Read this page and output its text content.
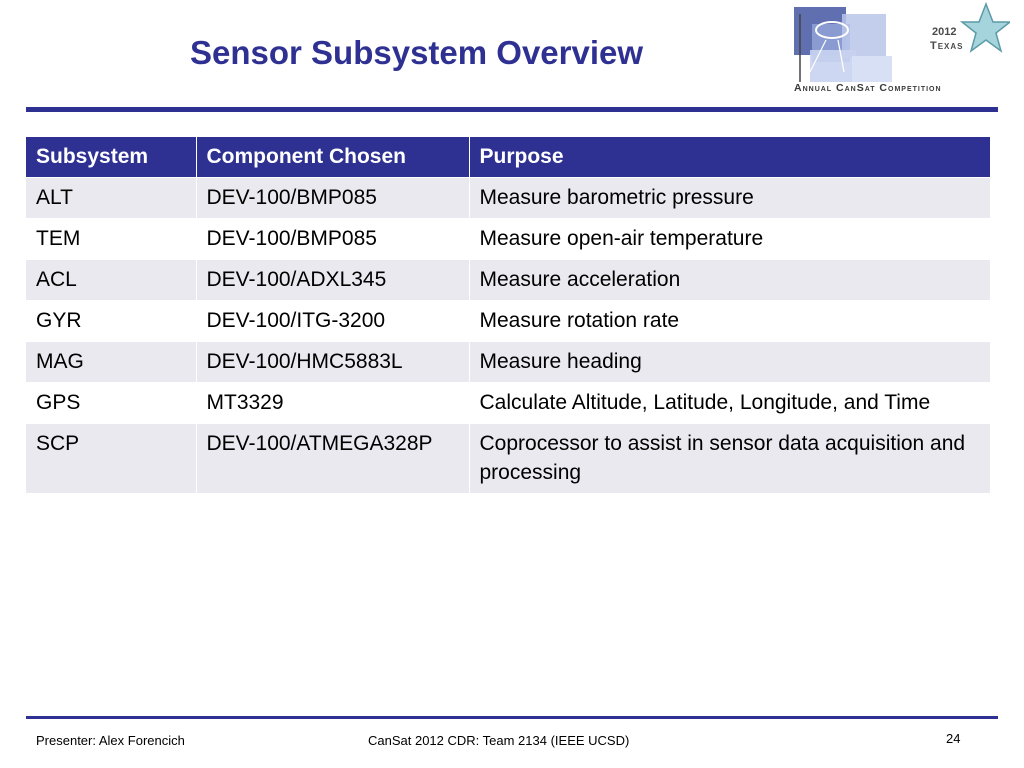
Sensor Subsystem Overview
2012
Texas
Annual CanSat Competition
Subsystem	Component Chosen	Purpose
ALT	DEV-100/BMP085	Measure barometric pressure
TEM	DEV-100/BMP085	Measure open-air temperature
ACL	DEV-100/ADXL345	Measure acceleration
GYR	DEV-100/ITG-3200	Measure rotation rate
MAG	DEV-100/HMC5883L	Measure heading
GPS	MT3329	Calculate Altitude, Latitude, Longitude, and Time
SCP	DEV-100/ATMEGA328P	Coprocessor to assist in sensor data acquisition and processing
Presenter: Alex Forencich	CanSat 2012 CDR: Team 2134 (IEEE UCSD)	24
